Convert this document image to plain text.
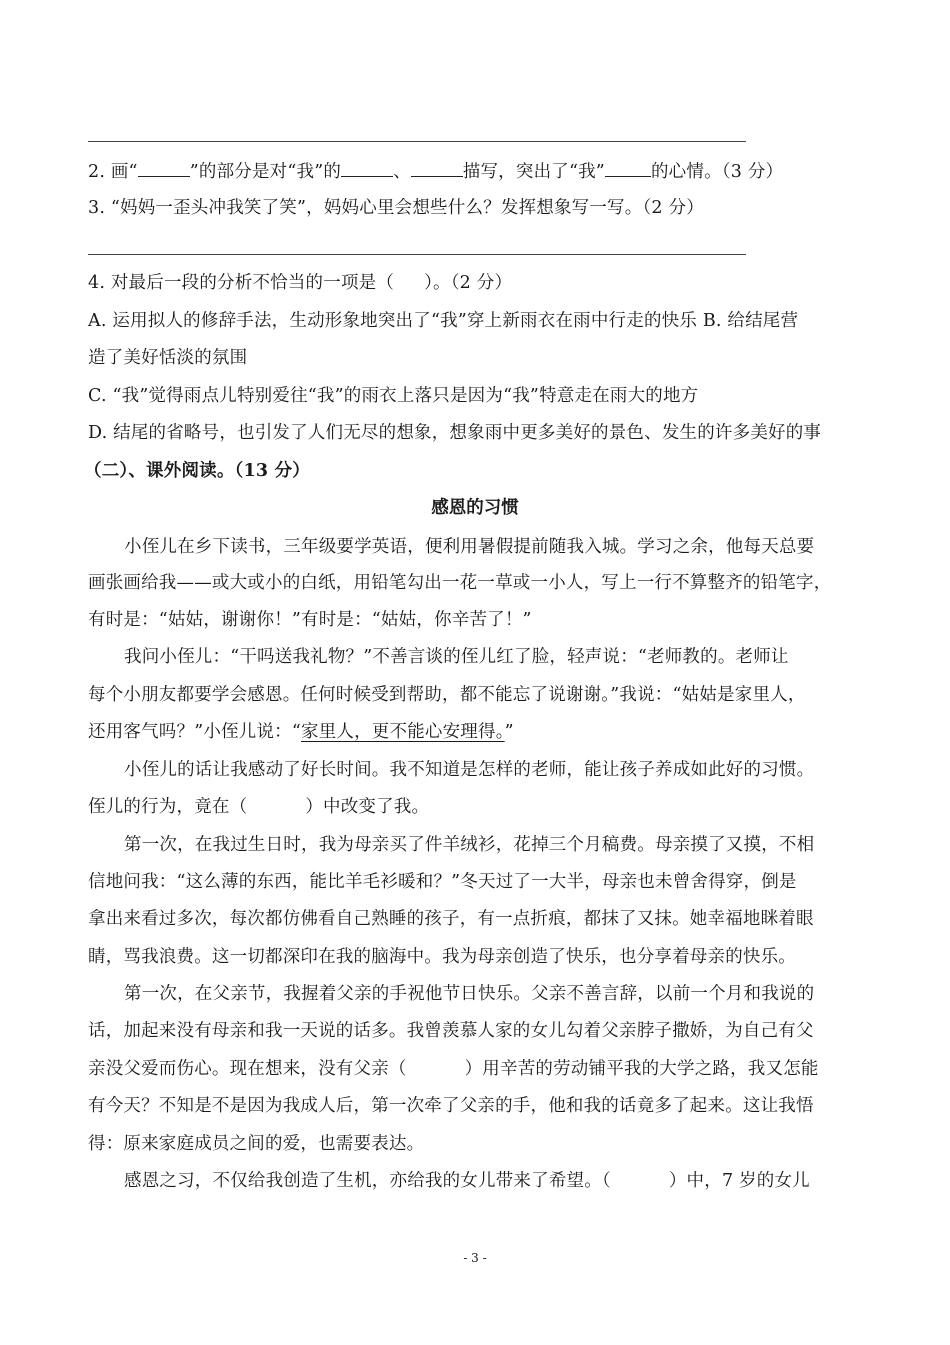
2. 画“	”的部分是对“我”的	、	描写，突出了“我”	的心情。（3 分）
3. “妈妈一歪头冲我笑了笑”，妈妈心里会想些什么？发挥想象写一写。（2 分）
4. 对最后一段的分析不恰当的一项是（ ）。（2 分）
A. 运用拟人的修辞手法，生动形象地突出了“我”穿上新雨衣在雨中行走的快乐 B. 给结尾营
造了美好恬淡的氛围
C. “我”觉得雨点儿特别爱往“我”的雨衣上落只是因为“我”特意走在雨大的地方
D. 结尾的省略号，也引发了人们无尽的想象，想象雨中更多美好的景色、发生的许多美好的事
（二）、课外阅读。（13 分）
感恩的习惯
小侄儿在乡下读书，三年级要学英语，便利用暑假提前随我入城。学习之余，他每天总要
画张画给我——或大或小的白纸，用铅笔勾出一花一草或一小人，写上一行不算整齐的铅笔字，
有时是：“姑姑，谢谢你！”有时是：“姑姑，你辛苦了！”
我问小侄儿：“干吗送我礼物？”不善言谈的侄儿红了脸，轻声说：“老师教的。老师让
每个小朋友都要学会感恩。任何时候受到帮助，都不能忘了说谢谢。”我说：“姑姑是家里人，
还用客气吗？”小侄儿说：“家里人，更不能心安理得。”
小侄儿的话让我感动了好长时间。我不知道是怎样的老师，能让孩子养成如此好的习惯。
侄儿的行为，竟在（	）中改变了我。
第一次，在我过生日时，我为母亲买了件羊绒衫，花掉三个月稿费。母亲摸了又摸，不相
信地问我：“这么薄的东西，能比羊毛衫暖和？”冬天过了一大半，母亲也未曾舍得穿，倒是
拿出来看过多次，每次都仿佛看自己熟睡的孩子，有一点折痕，都抹了又抹。她幸福地眯着眼
睛，骂我浪费。这一切都深印在我的脑海中。我为母亲创造了快乐，也分享着母亲的快乐。
第一次，在父亲节，我握着父亲的手祝他节日快乐。父亲不善言辞，以前一个月和我说的
话，加起来没有母亲和我一天说的话多。我曾羡慕人家的女儿勾着父亲脖子撒娇，为自己有父
亲没父爱而伤心。现在想来，没有父亲（	）用辛苦的劳动铺平我的大学之路，我又怎能
有今天？不知是不是因为我成人后，第一次牵了父亲的手，他和我的话竟多了起来。这让我悟
得：原来家庭成员之间的爱，也需要表达。
感恩之习，不仅给我创造了生机，亦给我的女儿带来了希望。（	）中，7 岁的女儿
- 3 -
